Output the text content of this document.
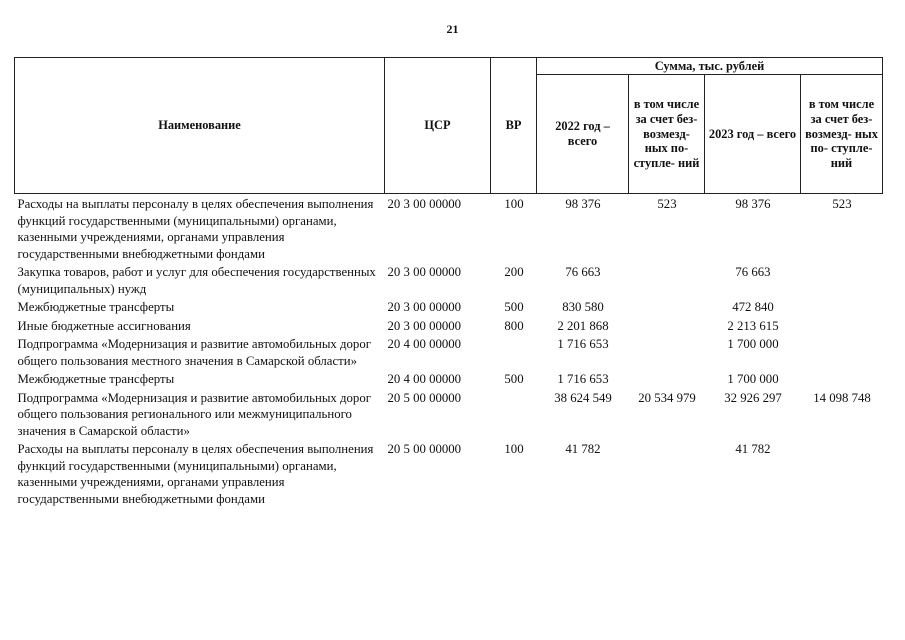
21
Наименование	ЦСР	ВР	Сумма, тыс. рублей			
			2022 год – всего	в том числе за счет без- возмезд- ных по- ступле- ний	2023 год – всего	в том числе за счет без- возмезд- ных по- ступле- ний
Расходы на выплаты персоналу в целях обеспечения выполнения функций государственными (муниципальными) органами, казенными учреждениями, органами управления государственными внебюджетными фондами	20 3 00 00000	100	98 376	523	98 376	523
Закупка товаров, работ и услуг для обеспечения государственных (муниципальных) нужд	20 3 00 00000	200	76 663		76 663	
Межбюджетные трансферты	20 3 00 00000	500	830 580		472 840	
Иные бюджетные ассигнования	20 3 00 00000	800	2 201 868		2 213 615	
Подпрограмма «Модернизация и развитие автомобильных дорог общего пользования местного значения в Самарской области»	20 4 00 00000		1 716 653		1 700 000	
Межбюджетные трансферты	20 4 00 00000	500	1 716 653		1 700 000	
Подпрограмма «Модернизация и развитие автомобильных дорог общего пользования регионального или межмуниципального значения в Самарской области»	20 5 00 00000		38 624 549	20 534 979	32 926 297	14 098 748
Расходы на выплаты персоналу в целях обеспечения выполнения функций государственными (муниципальными) органами, казенными учреждениями, органами управления государственными внебюджетными фондами	20 5 00 00000	100	41 782		41 782	
